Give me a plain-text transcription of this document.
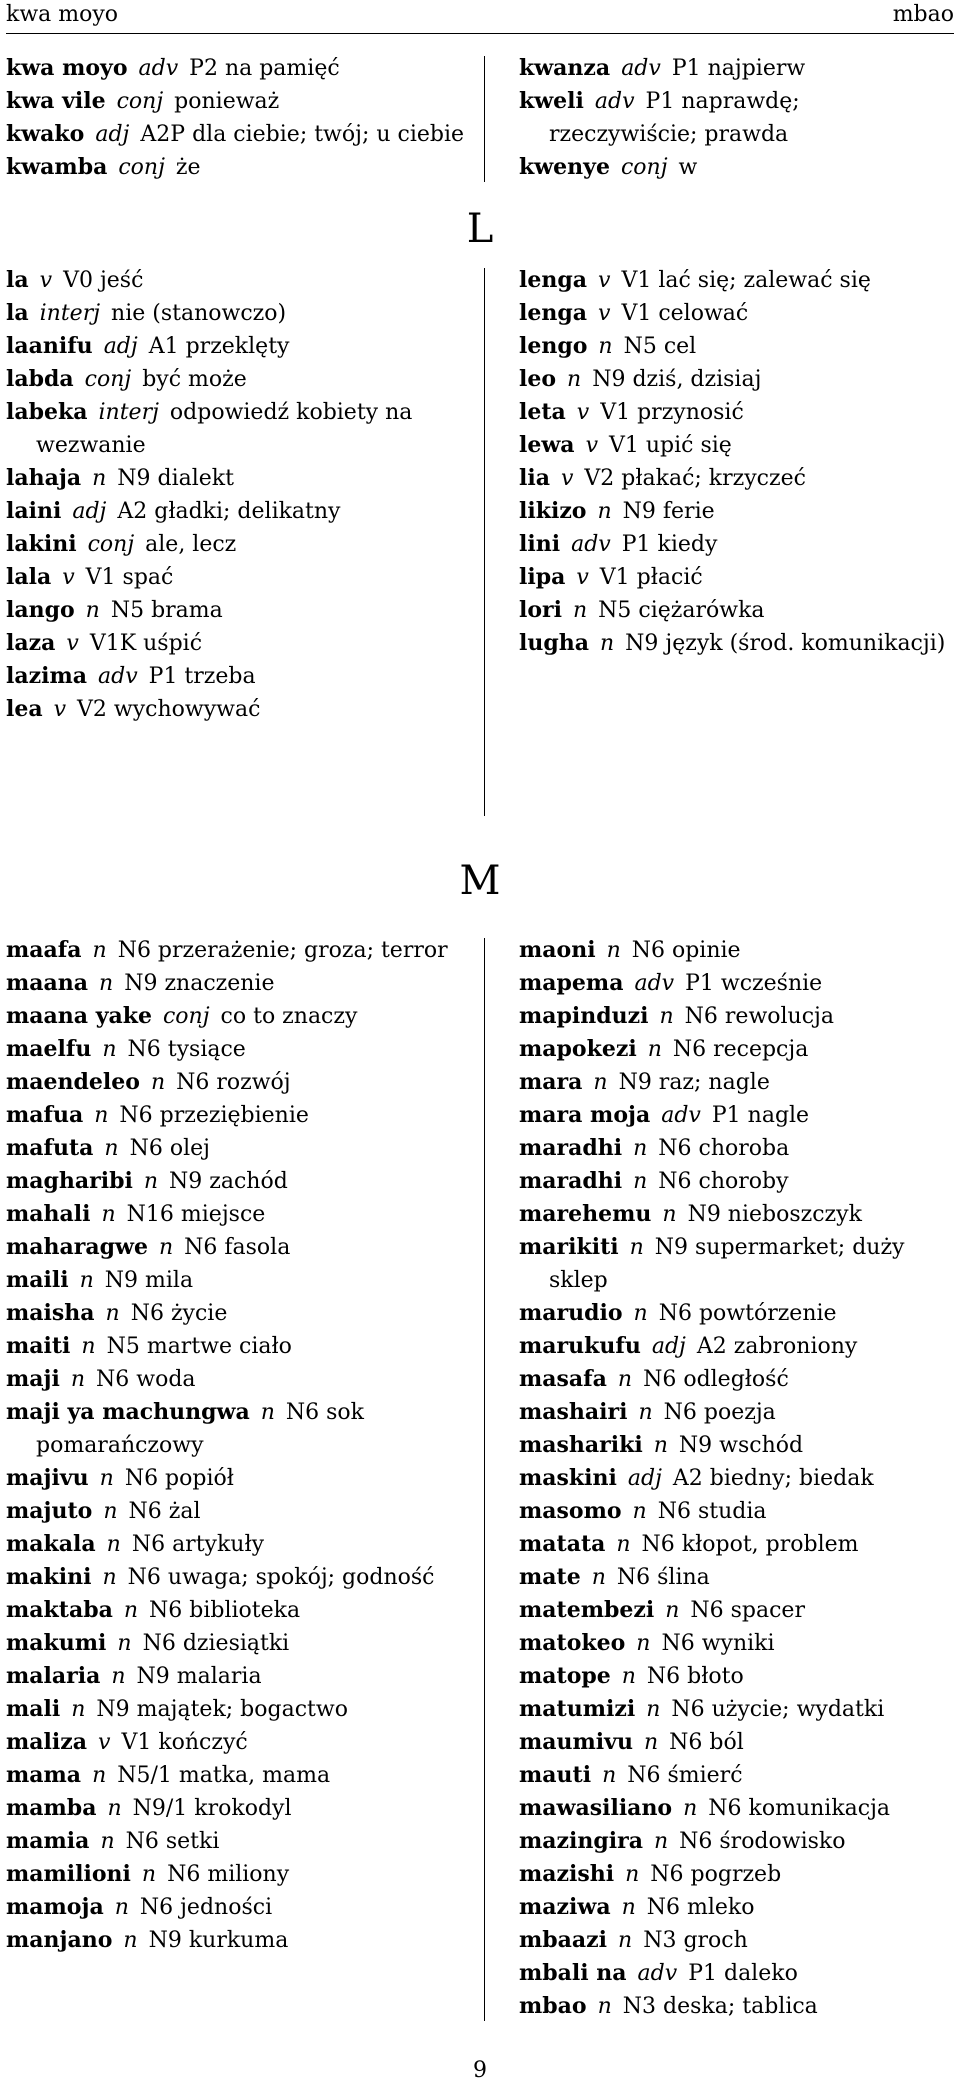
kwa moyo	mbao
kwa moyo  adv  P2 na pamięć
kwa vile  conj  ponieważ
kwako  adj  A2P dla ciebie; twój; u ciebie
kwamba  conj  że
kwanza  adv  P1 najpierw
kweli  adv  P1 naprawdę; rzeczywiście; prawda
kwenye  conj  w
L
la  v  V0 jeść
la  interj  nie (stanowczo)
laanifu  adj  A1 przeklęty
labda  conj  być może
labeka  interj  odpowiedź kobiety na wezwanie
lahaja  n  N9 dialekt
laini  adj  A2 gładki; delikatny
lakini  conj  ale, lecz
lala  v  V1 spać
lango  n  N5 brama
laza  v  V1K uśpić
lazima  adv  P1 trzeba
lea  v  V2 wychowywać
lenga  v  V1 lać się; zalewać się
lenga  v  V1 celować
lengo  n  N5 cel
leo  n  N9 dziś, dzisiaj
leta  v  V1 przynosić
lewa  v  V1 upić się
lia  v  V2 płakać; krzyczeć
likizo  n  N9 ferie
lini  adv  P1 kiedy
lipa  v  V1 płacić
lori  n  N5 ciężarówka
lugha  n  N9 język (środ. komunikacji)
M
maafa  n  N6 przerażenie; groza; terror
maana  n  N9 znaczenie
maana yake  conj  co to znaczy
maelfu  n  N6 tysiące
maendeleo  n  N6 rozwój
mafua  n  N6 przeziębienie
mafuta  n  N6 olej
magharibi  n  N9 zachód
mahali  n  N16 miejsce
maharagwe  n  N6 fasola
maili  n  N9 mila
maisha  n  N6 życie
maiti  n  N5 martwe ciało
maji  n  N6 woda
maji ya machungwa  n  N6 sok pomarańczowy
majivu  n  N6 popiół
majuto  n  N6 żal
makala  n  N6 artykuły
makini  n  N6 uwaga; spokój; godność
maktaba  n  N6 biblioteka
makumi  n  N6 dziesiątki
malaria  n  N9 malaria
mali  n  N9 majątek; bogactwo
maliza  v  V1 kończyć
mama  n  N5/1 matka, mama
mamba  n  N9/1 krokodyl
mamia  n  N6 setki
mamilioni  n  N6 miliony
mamoja  n  N6 jedności
manjano  n  N9 kurkuma
maoni  n  N6 opinie
mapema  adv  P1 wcześnie
mapinduzi  n  N6 rewolucja
mapokezi  n  N6 recepcja
mara  n  N9 raz; nagle
mara moja  adv  P1 nagle
maradhi  n  N6 choroba
maradhi  n  N6 choroby
marehemu  n  N9 nieboszczyk
marikiti  n  N9 supermarket; duży sklep
marudio  n  N6 powtórzenie
marukufu  adj  A2 zabroniony
masafa  n  N6 odległość
mashairi  n  N6 poezja
mashariki  n  N9 wschód
maskini  adj  A2 biedny; biedak
masomo  n  N6 studia
matata  n  N6 kłopot, problem
mate  n  N6 ślina
matembezi  n  N6 spacer
matokeo  n  N6 wyniki
matope  n  N6 błoto
matumizi  n  N6 użycie; wydatki
maumivu  n  N6 ból
mauti  n  N6 śmierć
mawasiliano  n  N6 komunikacja
mazingira  n  N6 środowisko
mazishi  n  N6 pogrzeb
maziwa  n  N6 mleko
mbaazi  n  N3 groch
mbali na  adv  P1 daleko
mbao  n  N3 deska; tablica
9
